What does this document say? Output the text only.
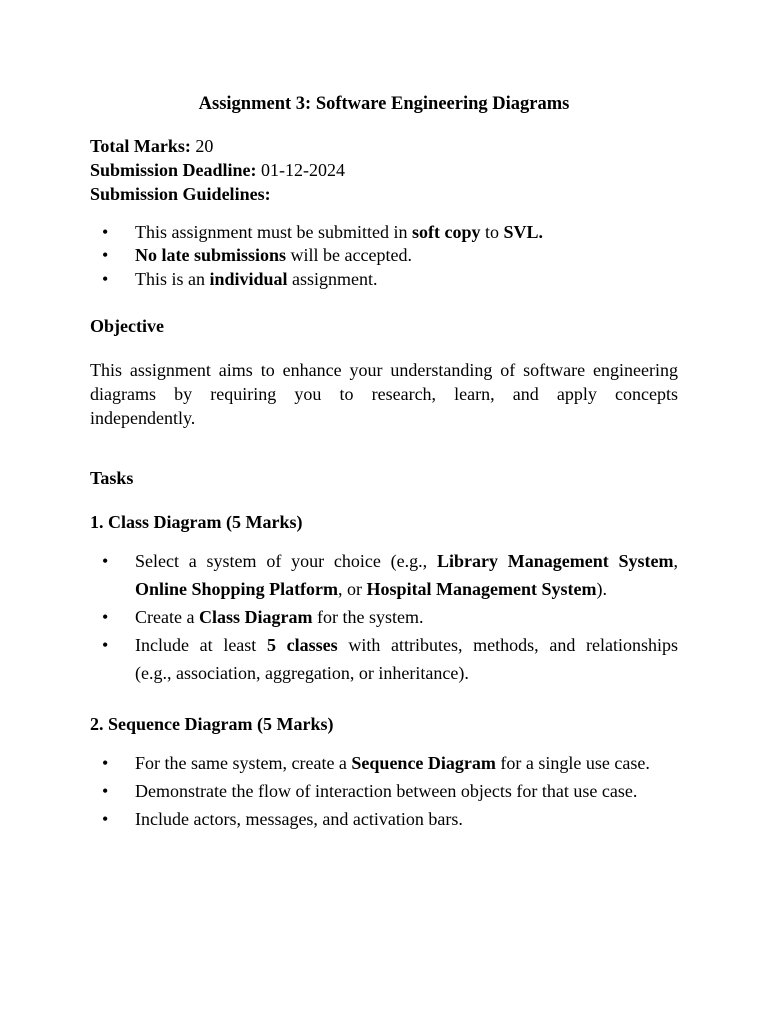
Assignment 3: Software Engineering Diagrams
Total Marks: 20
Submission Deadline: 01-12-2024
Submission Guidelines:
• This assignment must be submitted in soft copy to SVL.
• No late submissions will be accepted.
• This is an individual assignment.
Objective
This assignment aims to enhance your understanding of software engineering
diagrams by requiring you to research, learn, and apply concepts
independently.
Tasks
1. Class Diagram (5 Marks)
• Select a system of your choice (e.g., Library Management System,
Online Shopping Platform, or Hospital Management System).
• Create a Class Diagram for the system.
• Include at least 5 classes with attributes, methods, and relationships
(e.g., association, aggregation, or inheritance).
2. Sequence Diagram (5 Marks)
• For the same system, create a Sequence Diagram for a single use case.
• Demonstrate the flow of interaction between objects for that use case.
• Include actors, messages, and activation bars.
